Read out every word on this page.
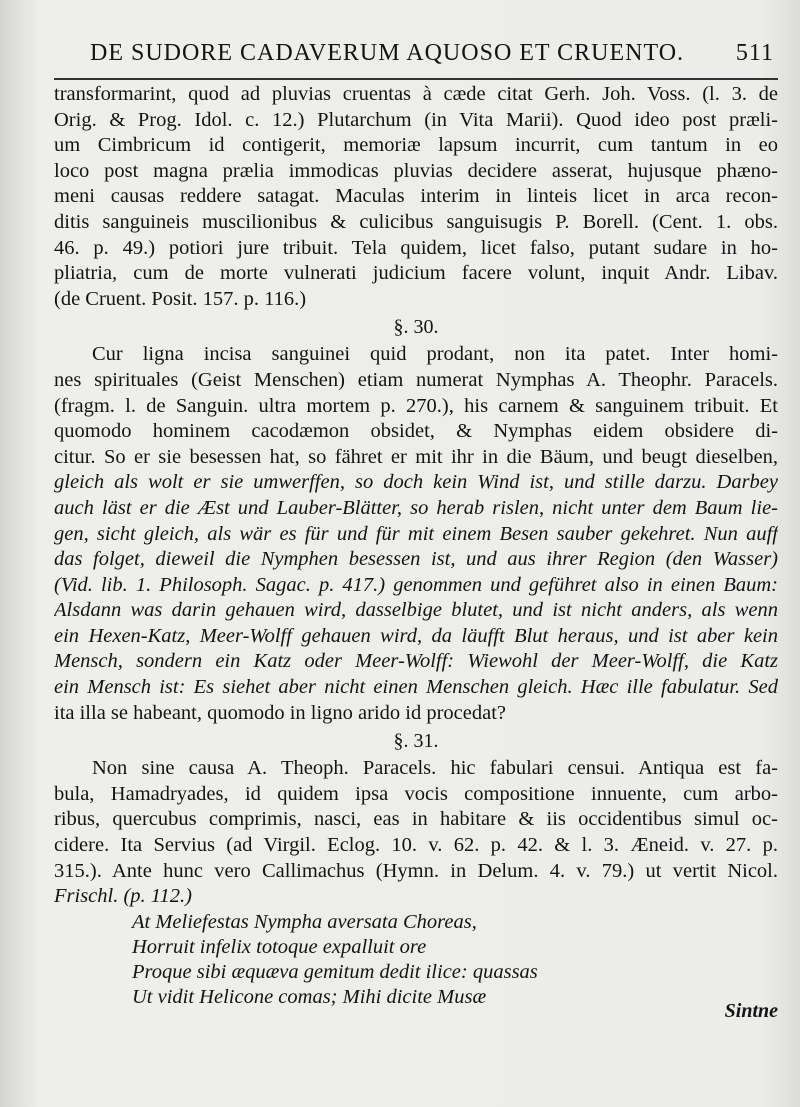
DE SUDORE CADAVERUM AQUOSO ET CRUENTO. 511
transformarint, quod ad pluvias cruentas à cæde citat Gerh. Joh. Voss. (l. 3. de
Orig. & Prog. Idol. c. 12.) Plutarchum (in Vita Marii). Quod ideo post præli-
um Cimbricum id contigerit, memoriæ lapsum incurrit, cum tantum in eo
loco post magna prælia immodicas pluvias decidere asserat, hujusque phæno-
meni causas reddere satagat. Maculas interim in linteis licet in arca recon-
ditis sanguineis muscilionibus & culicibus sanguisugis P. Borell. (Cent. 1. obs.
46. p. 49.) potiori jure tribuit. Tela quidem, licet falso, putant sudare in ho-
pliatria, cum de morte vulnerati judicium facere volunt, inquit Andr. Libav.
(de Cruent. Posit. 157. p. 116.)
§. 30.
Cur ligna incisa sanguinei quid prodant, non ita patet. Inter homi-
nes spirituales (Geist Menschen) etiam numerat Nymphas A. Theophr. Paracels.
(fragm. l. de Sanguin. ultra mortem p. 270.), his carnem & sanguinem tribuit. Et
quomodo hominem cacodæmon obsidet, & Nymphas eidem obsidere di-
citur. So er sie besessen hat, so fähret er mit ihr in die Bäum, und beugt dieselben,
gleich als wolt er sie umwerffen, so doch kein Wind ist, und stille darzu. Darbey
auch läst er die Æst und Lauber-Blätter, so herab rislen, nicht unter dem Baum lie-
gen, sicht gleich, als wär es für und für mit einem Besen sauber gekehret. Nun auff
das folget, dieweil die Nymphen besessen ist, und aus ihrer Region (den Wasser)
(Vid. lib. 1. Philosoph. Sagac. p. 417.) genommen und geführet also in einen Baum:
Alsdann was darin gehauen wird, dasselbige blutet, und ist nicht anders, als wenn
ein Hexen-Katz, Meer-Wolff gehauen wird, da läufft Blut heraus, und ist aber kein
Mensch, sondern ein Katz oder Meer-Wolff: Wiewohl der Meer-Wolff, die Katz
ein Mensch ist: Es siehet aber nicht einen Menschen gleich. Hæc ille fabulatur. Sed
ita illa se habeant, quomodo in ligno arido id procedat?
§. 31.
Non sine causa A. Theoph. Paracels. hic fabulari censui. Antiqua est fa-
bula, Hamadryades, id quidem ipsa vocis compositione innuente, cum arbo-
ribus, quercubus comprimis, nasci, eas in habitare & iis occidentibus simul oc-
cidere. Ita Servius (ad Virgil. Eclog. 10. v. 62. p. 42. & l. 3. Æneid. v. 27. p.
315.). Ante hunc vero Callimachus (Hymn. in Delum. 4. v. 79.) ut vertit Nicol.
Frischl. (p. 112.)
At Meliefestas Nympha aversata Choreas,
Horruit infelix totoque expalluit ore
Proque sibi æquæva gemitum dedit ilice: quassas
Ut vidit Helicone comas; Mihi dicite Musæ
Sintne
